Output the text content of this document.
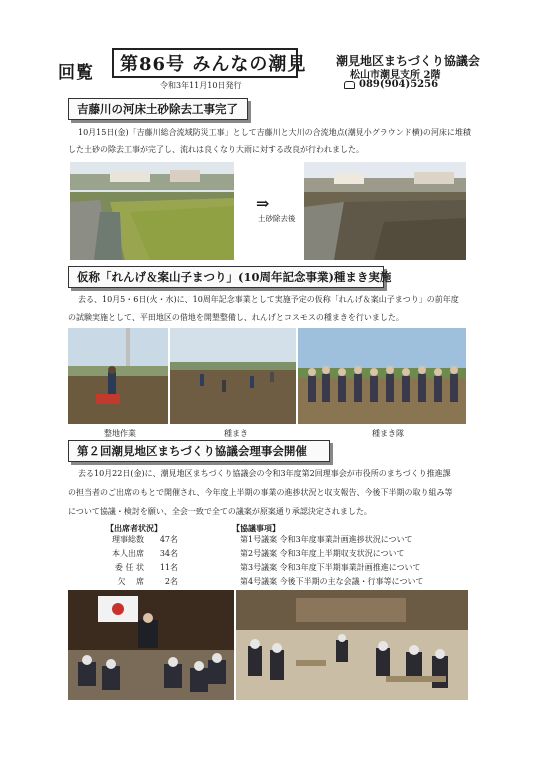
回覧 第86号 みんなの潮見
令和3年11月10日発行
潮見地区まちづくり協議会
松山市潮見支所 2階
089(904)5256
吉藤川の河床土砂除去工事完了
10月15日(金)「吉藤川総合流域防災工事」として吉藤川と大川の合流地点(潮見小グラウンド横)の河床に堆積
した土砂の除去工事が完了し、流れは良くなり大雨に対する改良が行われました。
⇒
土砂除去後
仮称「れんげ＆案山子まつり」(10周年記念事業)種まき実施
去る、10月5・6日(火・水)に、10周年記念事業として実施予定の仮称「れんげ＆案山子まつり」の前年度
の試験実施として、平田地区の借地を開墾整備し、れんげとコスモスの種まきを行いました。
整地作業	種まき	種まき隊
第２回潮見地区まちづくり協議会理事会開催
去る10月22日(金)に、潮見地区まちづくり協議会の令和3年度第2回理事会が市役所のまちづくり推進課
の担当者のご出席のもとで開催され、今年度上半期の事業の進捗状況と収支報告、今後下半期の取り組み等
について協議・検討を願い、全会一致で全ての議案が原案通り承認決定されました。
【出席者状況】
理事総数	47名
本人出席	34名
委 任 状	11名
欠　 席	2名
【協議事項】
第1号議案 令和3年度事業計画進捗状況について
第2号議案 令和3年度上半期収支状況について
第3号議案 令和3年度下半期事業計画推進について
第4号議案 今後下半期の主な会議・行事等について
